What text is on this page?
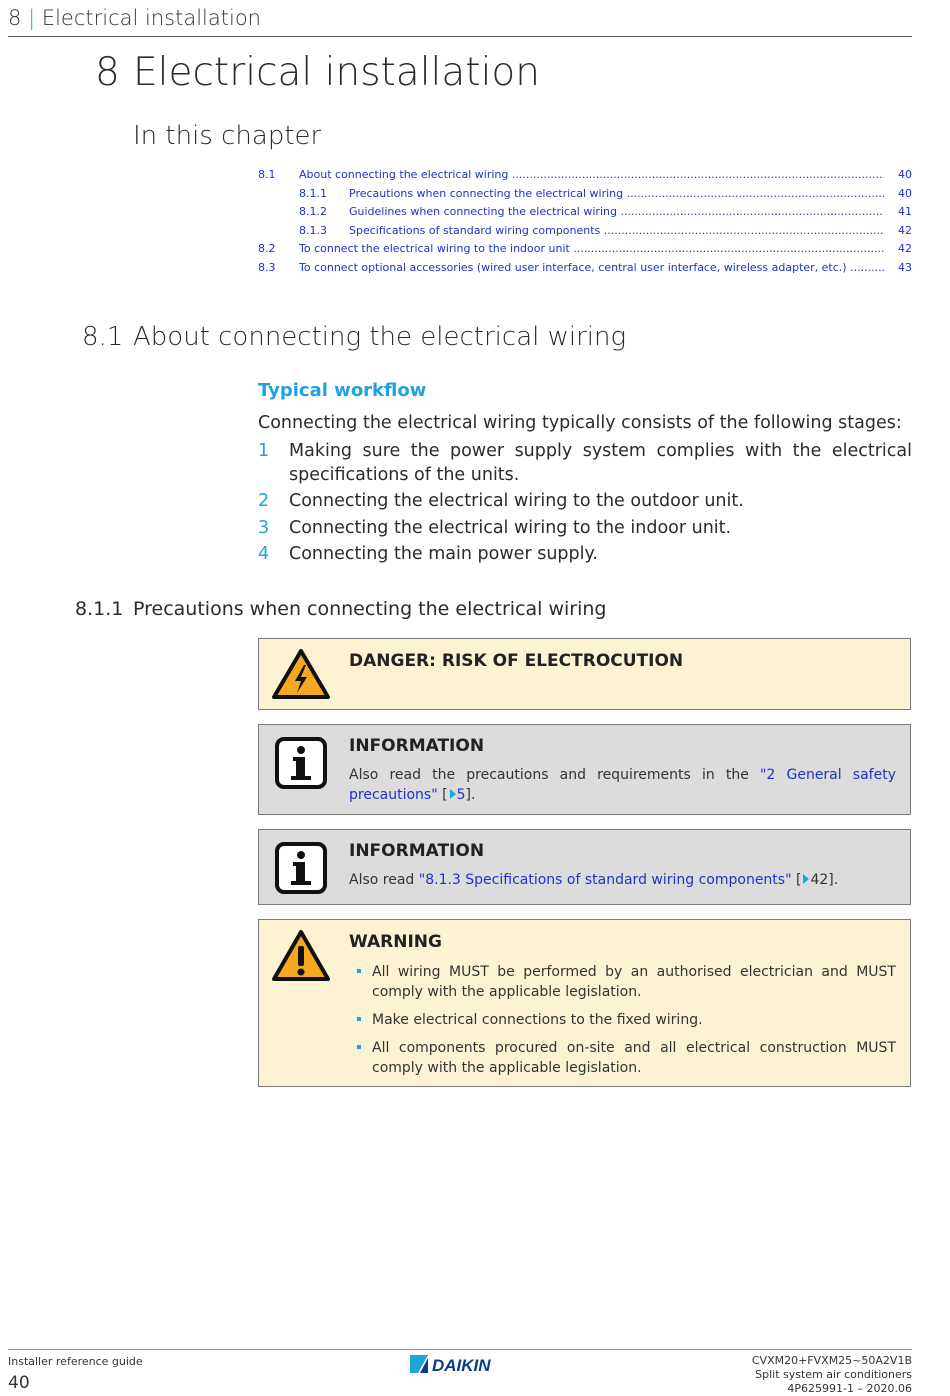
8 | Electrical installation
8 Electrical installation
In this chapter
8.1 About connecting the electrical wiring .....	40
8.1.1 Precautions when connecting the electrical wiring .....	40
8.1.2 Guidelines when connecting the electrical wiring .....	41
8.1.3 Specifications of standard wiring components .....	42
8.2 To connect the electrical wiring to the indoor unit .....	42
8.3 To connect optional accessories (wired user interface, central user interface, wireless adapter, etc.) .....	43
8.1 About connecting the electrical wiring
Typical workflow
Connecting the electrical wiring typically consists of the following stages:
1 Making sure the power supply system complies with the electrical specifications of the units.
2 Connecting the electrical wiring to the outdoor unit.
3 Connecting the electrical wiring to the indoor unit.
4 Connecting the main power supply.
8.1.1 Precautions when connecting the electrical wiring
DANGER: RISK OF ELECTROCUTION
INFORMATION
Also read the precautions and requirements in the "2 General safety precautions" [ 5].
INFORMATION
Also read "8.1.3 Specifications of standard wiring components" [ 42].
WARNING
All wiring MUST be performed by an authorised electrician and MUST comply with the applicable legislation.
Make electrical connections to the fixed wiring.
All components procured on-site and all electrical construction MUST comply with the applicable legislation.
Installer reference guide
40
DAIKIN	CVXM20+FVXM25~50A2V1B
Split system air conditioners
4P625991-1 – 2020.06
